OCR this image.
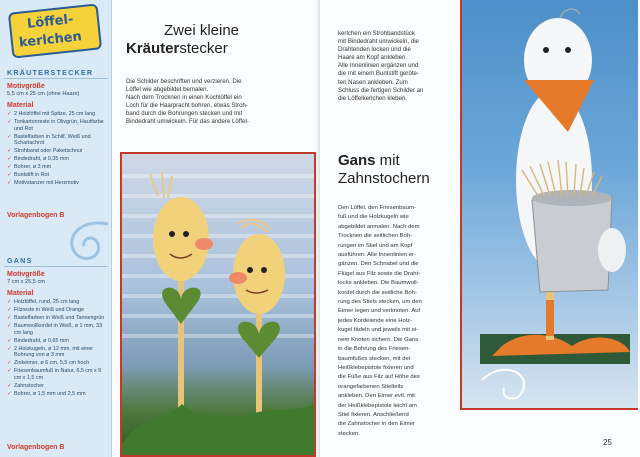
Löffel-
kerlchen
KRÄUTERSTECKER
Motivgröße
5,5 cm x 25 cm (ohne Haare)
Material
✓ 2 Holzlöffel mit Spitze, 25 cm lang
✓ Tonkartonreste in Olivgrün, Hautfarbe und Rot
✓ Bastelfarben in Schilf, Weiß und Scharlachrot
✓ Strohband oder Paketschnur
✓ Bindedraht, ø 0,35 mm
✓ Bohrer, ø 3 mm
✓ Buntstift in Rot
✓ Motivstanzer mit Herzmotiv
Vorlagenbogen B
GANS
Motivgröße
7 cm x 25,5 cm
Material
✓ Holzlöffel, rund, 25 cm lang
✓ Filzreste in Weiß und Orange
✓ Bastelfarben in Weiß und Tannengrün
✓ Baumwollkordel in Weiß, ø 1 mm, 33 cm lang
✓ Bindedraht, ø 0,65 mm
✓ 2 Holzkugeln, ø 12 mm, mit einer Bohrung von ø 3 mm
✓ Zinkeimer, ø 6 cm, 5,5 cm hoch
✓ Friesenbaumfuß in Natur, 6,5 cm x 9 cm x 1,5 cm
✓ Zahnstocher
✓ Bohrer, ø 1,5 mm und 2,5 mm
Vorlagenbogen B
Zwei kleine
Kräuterstecker
Die Schilder beschriften und verzieren. Die
Löffel wie abgebildet bemalen.
Nach dem Trocknen in einen Kochlöffel ein
Loch für die Haarpracht bohren, etwas Stroh-
band durch die Bohrungen stecken und mit
Bindedraht umwickeln. Für das andere Löffel-
kerlchen ein Strohbandstück
mit Bindedraht umwickeln, die
Drahtenden locken und die
Haare am Kopf ankleben.
Alle Innenlinien ergänzen und
die mit einem Buntstift geröte-
ten Nasen ankleben. Zum
Schluss die fertigen Schilder an
die Löffelkerlchen kleben.
Gans mit
Zahnstochern
Den Löffel, den Friesenbaum-
fuß und die Holzkugeln wie
abgebildet anmalen. Nach dem
Trocknen die seitlichen Boh-
rungen im Stiel und am Kopf
ausführen. Alle Innenlinien er-
gänzen. Den Schnabel und die
Flügel aus Filz sowie die Draht-
locke ankleben. Die Baumwoll-
kordel durch die seitliche Boh-
rung des Stiels stecken, um den
Eimer legen und verknoten. Auf
jedes Kordelende eine Holz-
kugel fädeln und jeweils mit ei-
nem Knoten sichern. Die Gans
in die Bohrung des Friesen-
baumfußes stecken, mit der
Heißklebepistole fixieren und
die Füße aus Filz auf Höhe des
orangefarbenen Stielteils
ankleben. Den Eimer evtl. mit
der Heißklebepistole leicht am
Stiel fixieren. Anschließend
die Zahnstocher in den Eimer
stecken.
25
